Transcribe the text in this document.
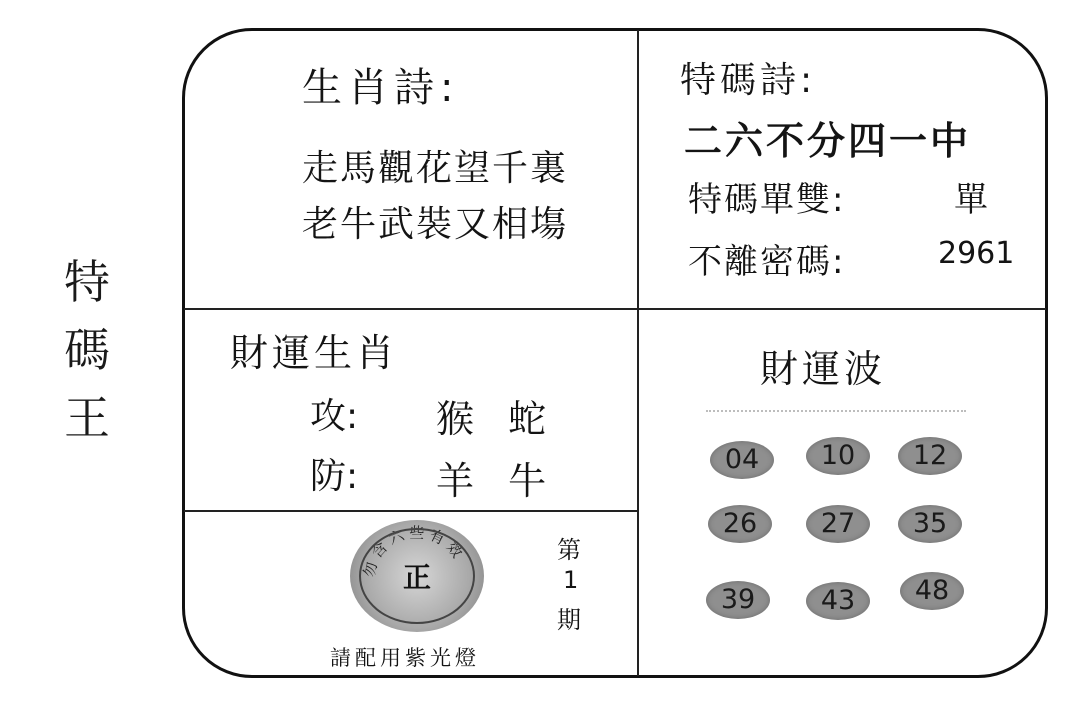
特
碼
王
生肖詩:
走馬觀花望千裏
老牛武裝又相塲
特碼詩:
二六不分四一中
特碼單雙:	單
不離密碼:	2961
財運生肖
攻: 猴 蛇
防: 羊 牛
財運波
04	10	12
26	27	35
39	43	48
勿含六些有效
正
第
1
期
請配用紫光燈
